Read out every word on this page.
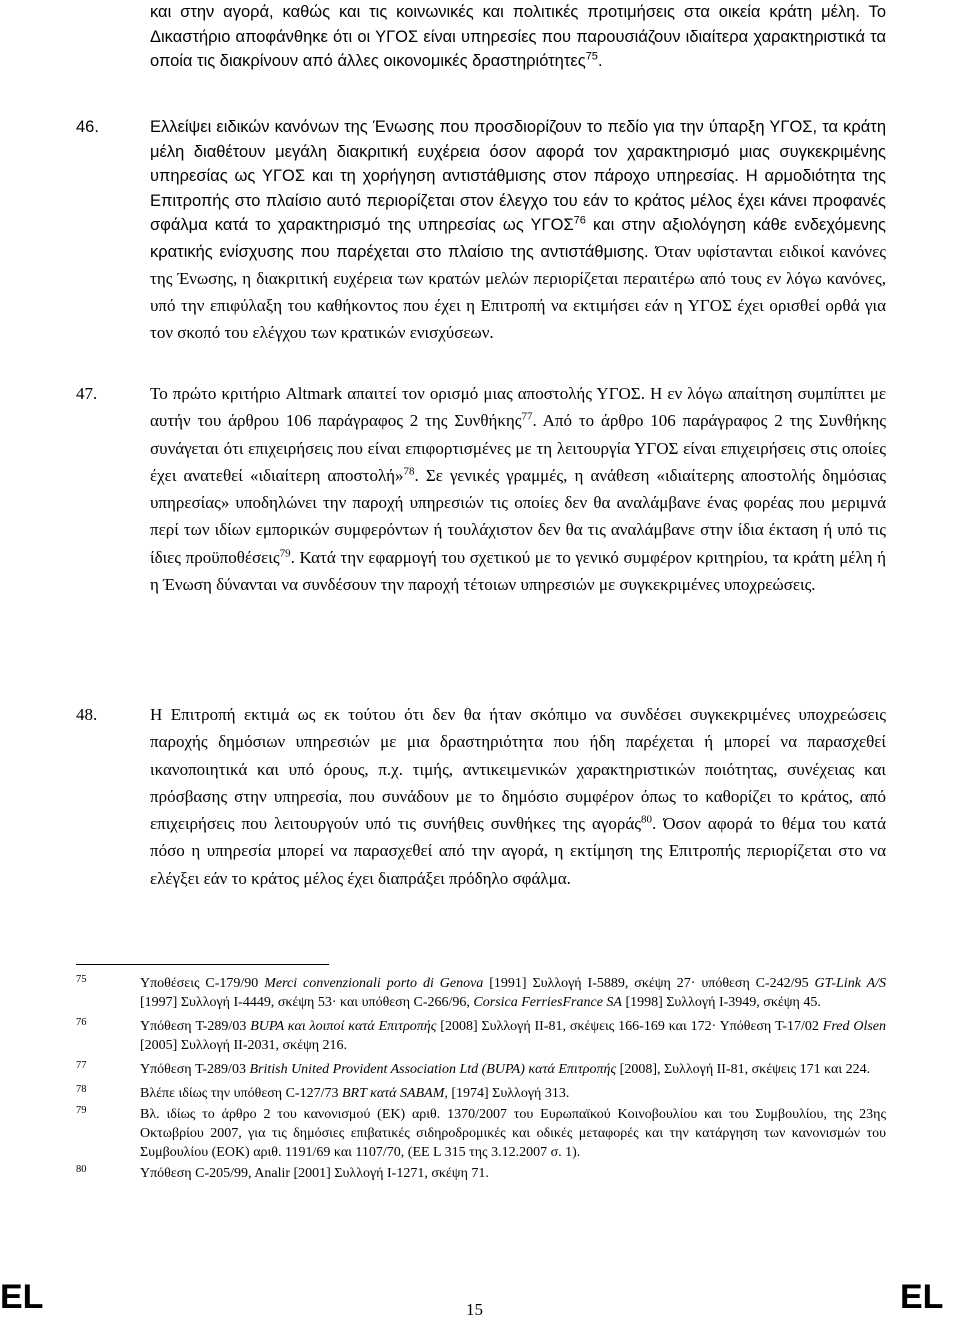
και στην αγορά, καθώς και τις κοινωνικές και πολιτικές προτιμήσεις στα οικεία κράτη μέλη. Το Δικαστήριο αποφάνθηκε ότι οι ΥΓΟΣ είναι υπηρεσίες που παρουσιάζουν ιδιαίτερα χαρακτηριστικά τα οποία τις διακρίνουν από άλλες οικονομικές δραστηριότητες$^{75}$.
46.	Ελλείψει ειδικών κανόνων της Ένωσης που προσδιορίζουν το πεδίο για την ύπαρξη ΥΓΟΣ, τα κράτη μέλη διαθέτουν μεγάλη διακριτική ευχέρεια όσον αφορά τον χαρακτηρισμό μιας συγκεκριμένης υπηρεσίας ως ΥΓΟΣ και τη χορήγηση αντιστάθμισης στον πάροχο υπηρεσίας. Η αρμοδιότητα της Επιτροπής στο πλαίσιο αυτό περιορίζεται στον έλεγχο του εάν το κράτος μέλος έχει κάνει προφανές σφάλμα κατά το χαρακτηρισμό της υπηρεσίας ως ΥΓΟΣ$^{76}$ και στην αξιολόγηση κάθε ενδεχόμενης κρατικής ενίσχυσης που παρέχεται στο πλαίσιο της αντιστάθμισης. Όταν υφίστανται ειδικοί κανόνες της Ένωσης, η διακριτική ευχέρεια των κρατών μελών περιορίζεται περαιτέρω από τους εν λόγω κανόνες, υπό την επιφύλαξη του καθήκοντος που έχει η Επιτροπή να εκτιμήσει εάν η ΥΓΟΣ έχει ορισθεί ορθά για τον σκοπό του ελέγχου των κρατικών ενισχύσεων.
47.	Το πρώτο κριτήριο Altmark απαιτεί τον ορισμό μιας αποστολής ΥΓΟΣ. Η εν λόγω απαίτηση συμπίπτει με αυτήν του άρθρου 106 παράγραφος 2 της Συνθήκης$^{77}$. Από το άρθρο 106 παράγραφος 2 της Συνθήκης συνάγεται ότι επιχειρήσεις που είναι επιφορτισμένες με τη λειτουργία ΥΓΟΣ είναι επιχειρήσεις στις οποίες έχει ανατεθεί «ιδιαίτερη αποστολή»$^{78}$. Σε γενικές γραμμές, η ανάθεση «ιδιαίτερης αποστολής δημόσιας υπηρεσίας» υποδηλώνει την παροχή υπηρεσιών τις οποίες δεν θα αναλάμβανε ένας φορέας που μεριμνά περί των ιδίων εμπορικών συμφερόντων ή τουλάχιστον δεν θα τις αναλάμβανε στην ίδια έκταση ή υπό τις ίδιες προϋποθέσεις$^{79}$. Κατά την εφαρμογή του σχετικού με το γενικό συμφέρον κριτηρίου, τα κράτη μέλη ή η Ένωση δύνανται να συνδέσουν την παροχή τέτοιων υπηρεσιών με συγκεκριμένες υποχρεώσεις.
48.	Η Επιτροπή εκτιμά ως εκ τούτου ότι δεν θα ήταν σκόπιμο να συνδέσει συγκεκριμένες υποχρεώσεις παροχής δημόσιων υπηρεσιών με μια δραστηριότητα που ήδη παρέχεται ή μπορεί να παρασχεθεί ικανοποιητικά και υπό όρους, π.χ. τιμής, αντικειμενικών χαρακτηριστικών ποιότητας, συνέχειας και πρόσβασης στην υπηρεσία, που συνάδουν με το δημόσιο συμφέρον όπως το καθορίζει το κράτος, από επιχειρήσεις που λειτουργούν υπό τις συνήθεις συνθήκες της αγοράς$^{80}$. Όσον αφορά το θέμα του κατά πόσο η υπηρεσία μπορεί να παρασχεθεί από την αγορά, η εκτίμηση της Επιτροπής περιορίζεται στο να ελέγξει εάν το κράτος μέλος έχει διαπράξει πρόδηλο σφάλμα.
75	Υποθέσεις C-179/90 Merci convenzionali porto di Genova [1991] Συλλογή I-5889, σκέψη 27· υπόθεση C-242/95 GT-Link A/S [1997] Συλλογή I-4449, σκέψη 53· και υπόθεση C-266/96, Corsica FerriesFrance SA [1998] Συλλογή I-3949, σκέψη 45.
76	Υπόθεση T-289/03 BUPA και λοιποί κατά Επιτροπής [2008] Συλλογή II-81, σκέψεις 166-169 και 172· Υπόθεση T-17/02 Fred Olsen [2005] Συλλογή II-2031, σκέψη 216.
77	Υπόθεση T-289/03 British United Provident Association Ltd (BUPA) κατά Επιτροπής [2008], Συλλογή II-81, σκέψεις 171 και 224.
78	Βλέπε ιδίως την υπόθεση C-127/73 BRT κατά SABAM, [1974] Συλλογή 313.
79	Βλ. ιδίως το άρθρο 2 του κανονισμού (ΕΚ) αριθ. 1370/2007 του Ευρωπαϊκού Κοινοβουλίου και του Συμβουλίου, της 23ης Οκτωβρίου 2007, για τις δημόσιες επιβατικές σιδηροδρομικές και οδικές μεταφορές και την κατάργηση των κανονισμών του Συμβουλίου (ΕΟΚ) αριθ. 1191/69 και 1107/70, (ΕΕ L 315 της 3.12.2007 σ. 1).
80	Υπόθεση C-205/99, Analir [2001] Συλλογή I-1271, σκέψη 71.
EL	15	EL
